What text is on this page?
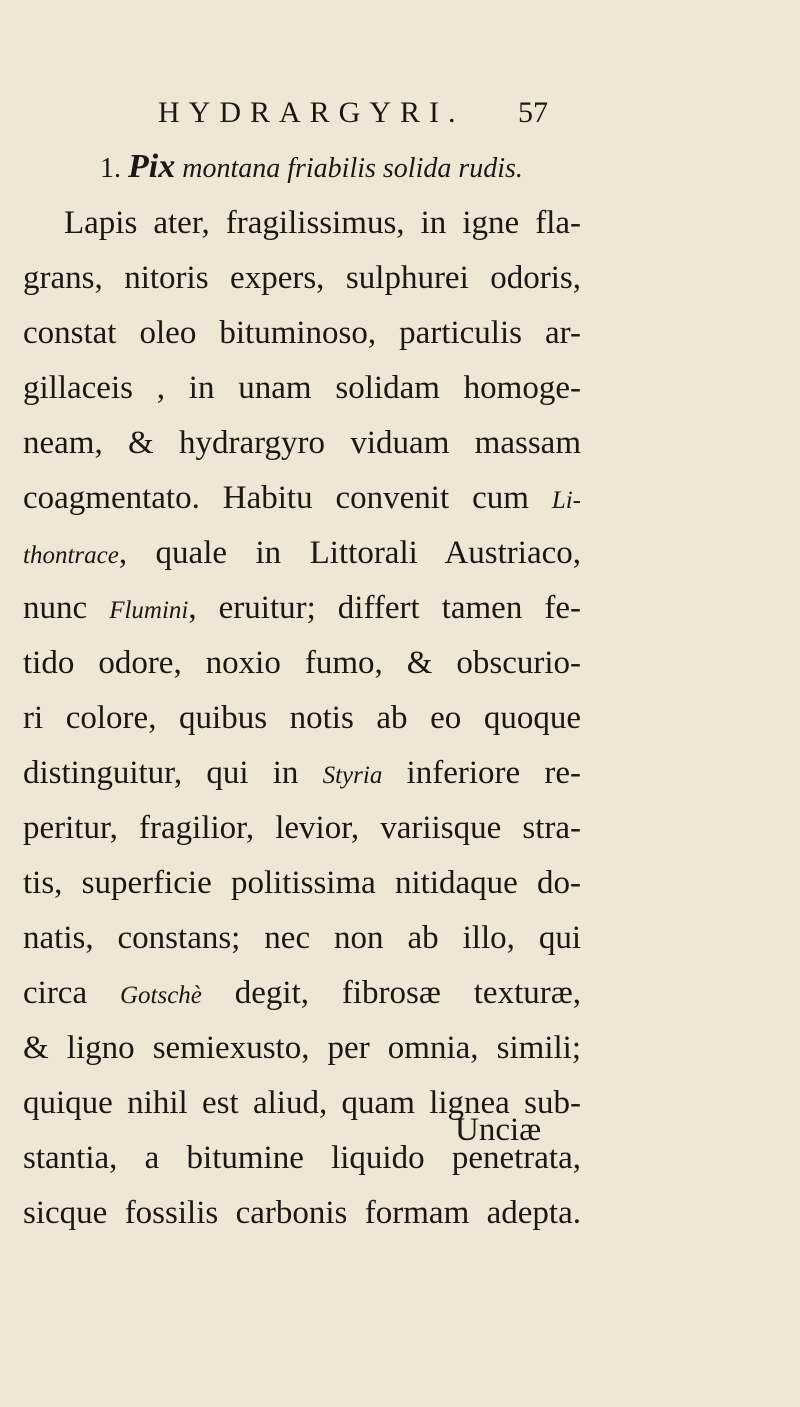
HYDRARGYRI. 57
1. Pix montana friabilis solida rudis.
Lapis ater, fragilissimus, in igne fla-
grans, nitoris expers, sulphurei odoris,
constat oleo bituminoso, particulis ar-
gillaceis , in unam solidam homoge-
neam, & hydrargyro viduam massam
coagmentato. Habitu convenit cum Li-
thontrace, quale in Littorali Austriaco,
nunc Flumini, eruitur; differt tamen fe-
tido odore, noxio fumo, & obscurio-
ri colore, quibus notis ab eo quoque
distinguitur, qui in Styria inferiore re-
peritur, fragilior, levior, variisque stra-
tis, superficie politissima nitidaque do-
natis, constans; nec non ab illo, qui
circa Gotschè degit, fibrosæ texturæ,
& ligno semiexusto, per omnia, simili;
quique nihil est aliud, quam lignea sub-
stantia, a bitumine liquido penetrata,
sicque fossilis carbonis formam adepta.
Unciæ
